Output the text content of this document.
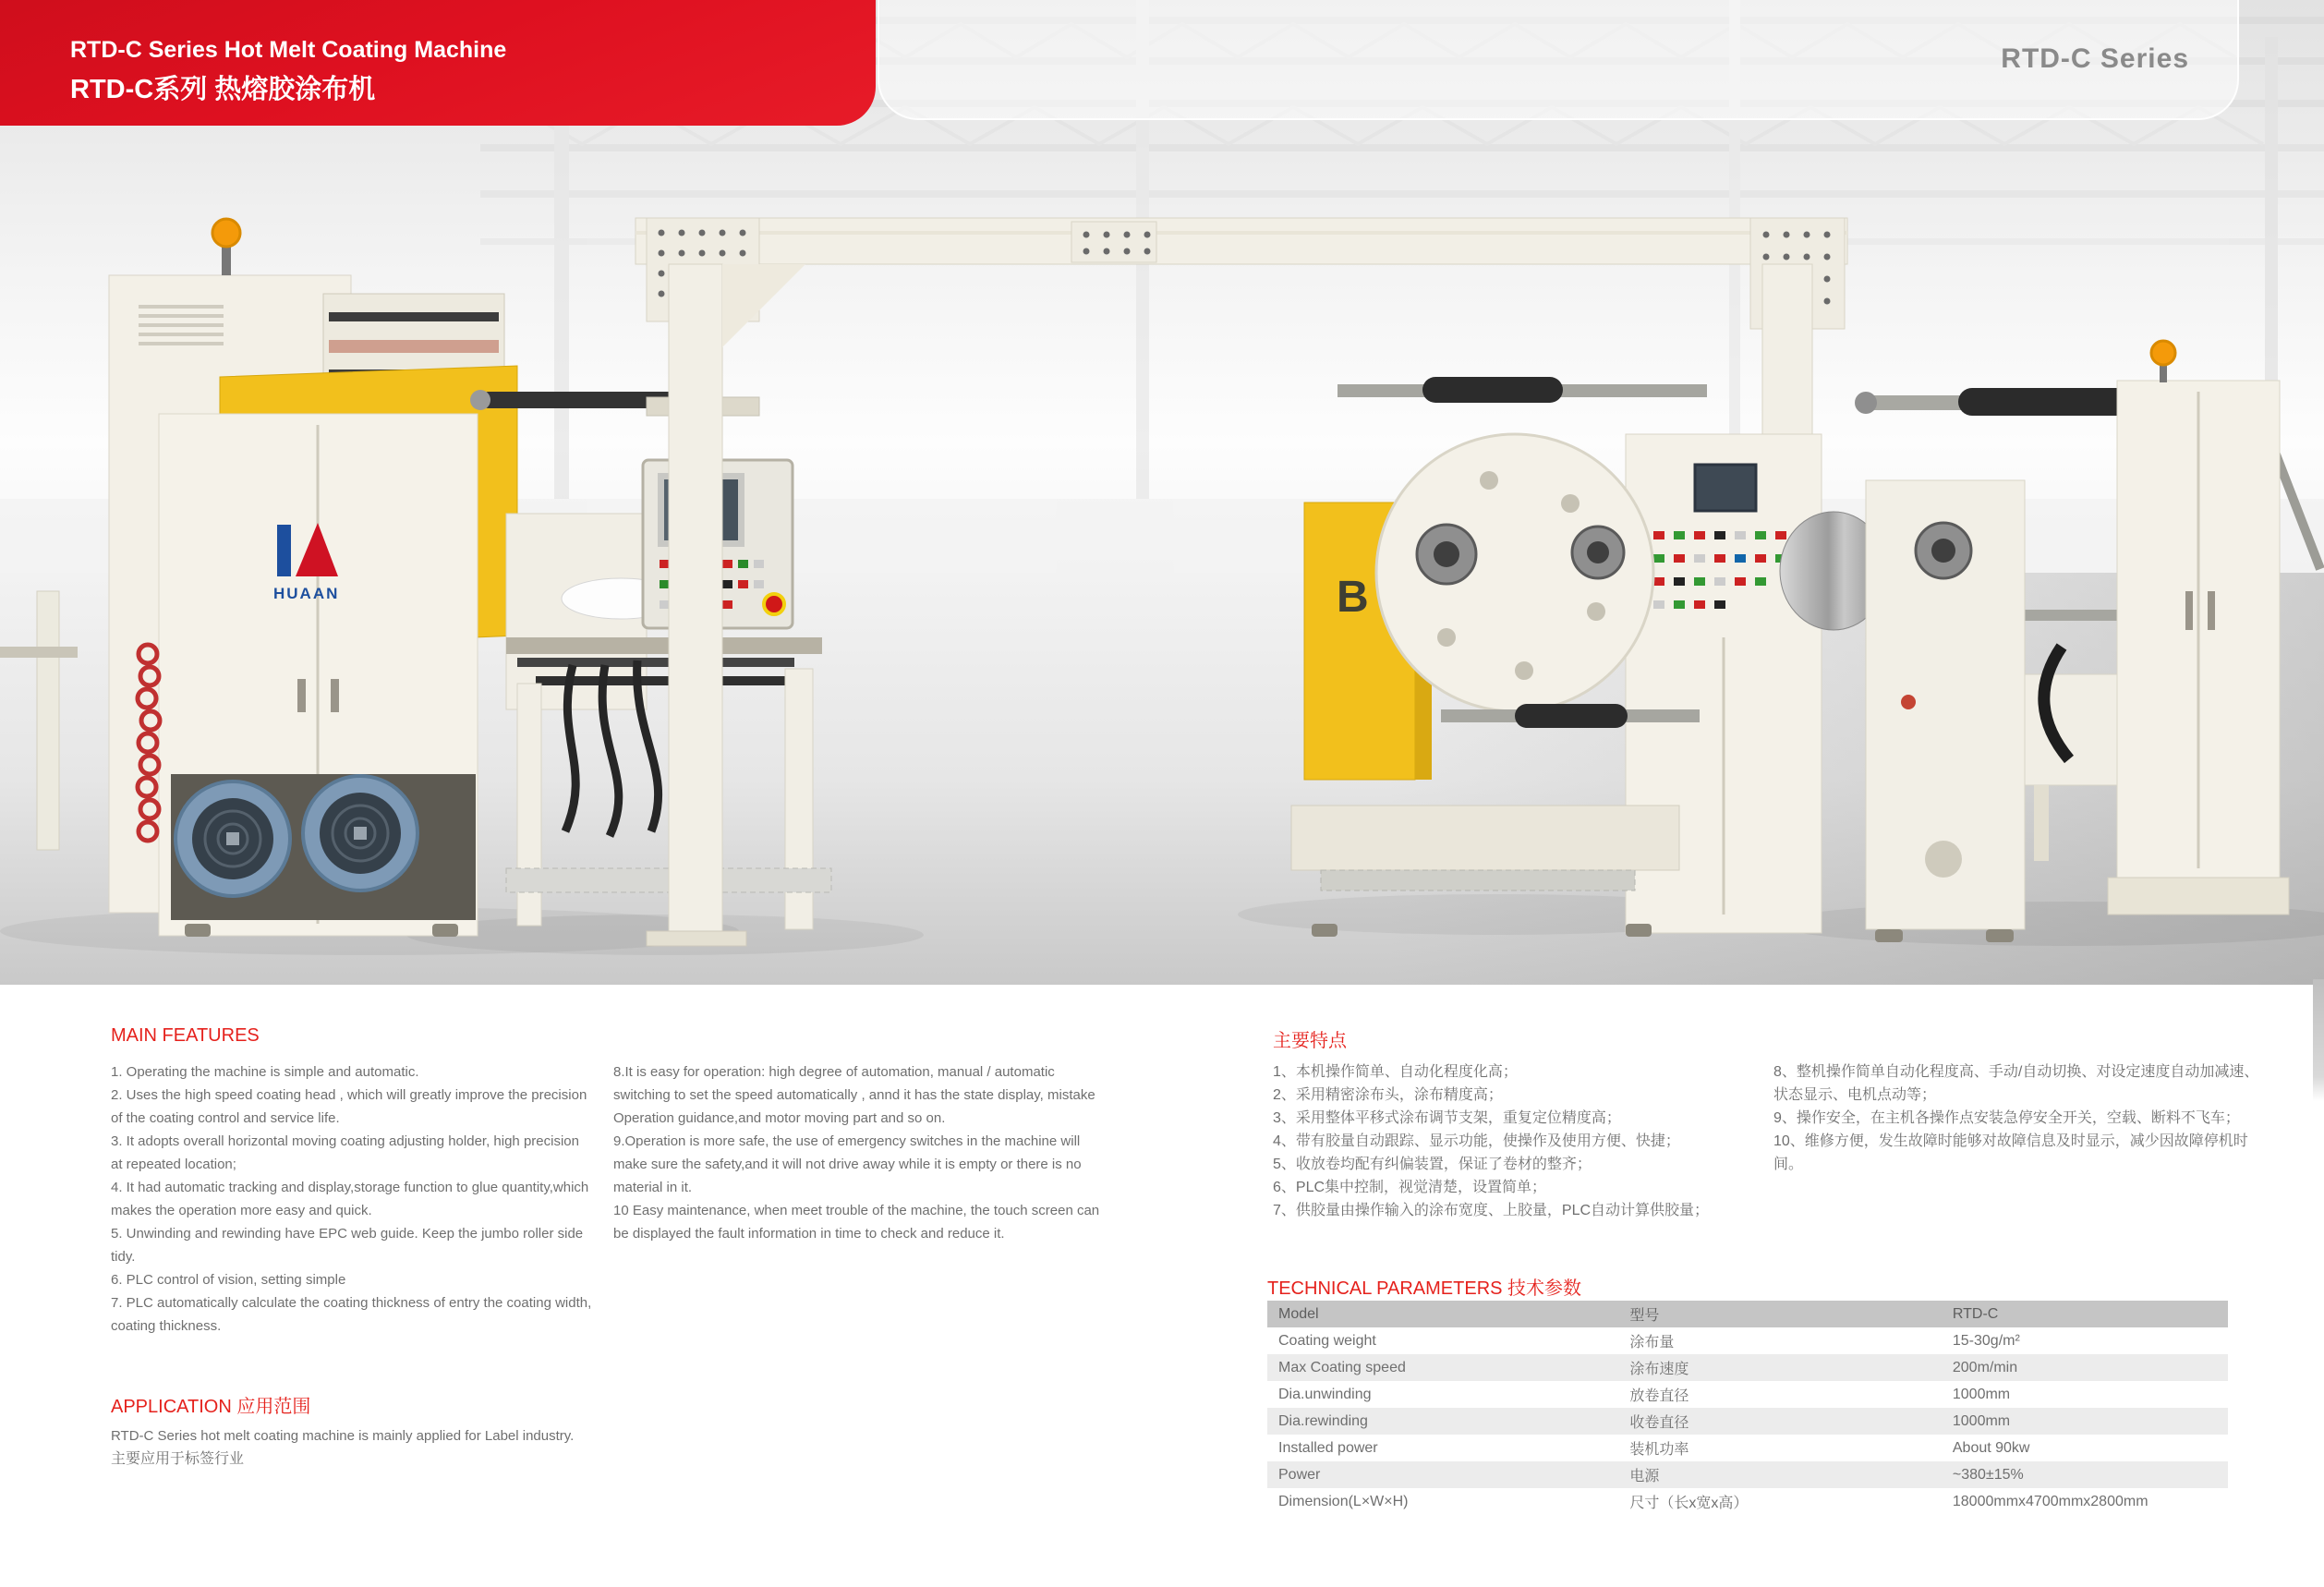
HUAAN	B
RTD-C Series
RTD-C Series Hot Melt Coating Machine
RTD-C系列 热熔胶涂布机
MAIN FEATURES

1. Operating the machine is simple and automatic.

2. Uses the high speed coating head , which will greatly improve the precision of the coating control and service life.

3. It adopts overall horizontal moving coating adjusting holder, high precision at repeated location;

4. It had automatic tracking and display,storage function to glue quantity,which makes the operation more easy and quick.

5. Unwinding and rewinding have EPC web guide. Keep the jumbo roller side tidy.

6. PLC control of vision, setting simple

7. PLC automatically calculate the coating thickness of entry the coating width, coating thickness.

8.It is easy for operation: high degree of automation, manual / automatic switching to set the speed automatically , annd it has the state display, mistake Operation guidance,and motor moving part and so on.

9.Operation is more safe, the use of emergency switches in the machine will make sure the safety,and it will not drive away while it is empty or there is no material in it.

10 Easy maintenance, when meet trouble of the machine, the touch screen can be displayed the fault information in time to check and reduce it.

主要特点

1、本机操作简单、自动化程度化高；

2、采用精密涂布头，涂布精度高；

3、采用整体平移式涂布调节支架，重复定位精度高；

4、带有胶量自动跟踪、显示功能，使操作及使用方便、快捷；

5、收放卷均配有纠偏装置，保证了卷材的整齐；

6、PLC集中控制，视觉清楚，设置简单；

7、供胶量由操作输入的涂布宽度、上胶量，PLC自动计算供胶量；

8、整机操作简单自动化程度高、手动/自动切换、对设定速度自动加减速、状态显示、电机点动等；

9、操作安全，在主机各操作点安装急停安全开关，空载、断料不飞车；

10、维修方便，发生故障时能够对故障信息及时显示，减少因故障停机时间。

APPLICATION 应用范围

RTD-C Series hot melt coating machine is mainly applied for Label industry.

主要应用于标签行业

TECHNICAL PARAMETERS 技术参数
Model	型号	RTD-C
Coating weight	涂布量	15-30g/m²
Max Coating speed	涂布速度	200m/min
Dia.unwinding	放卷直径	1000mm
Dia.rewinding	收卷直径	1000mm
Installed power	装机功率	About 90kw
Power	电源	~380±15%
Dimension(L×W×H)	尺寸（长x宽x高）	18000mmx4700mmx2800mm
